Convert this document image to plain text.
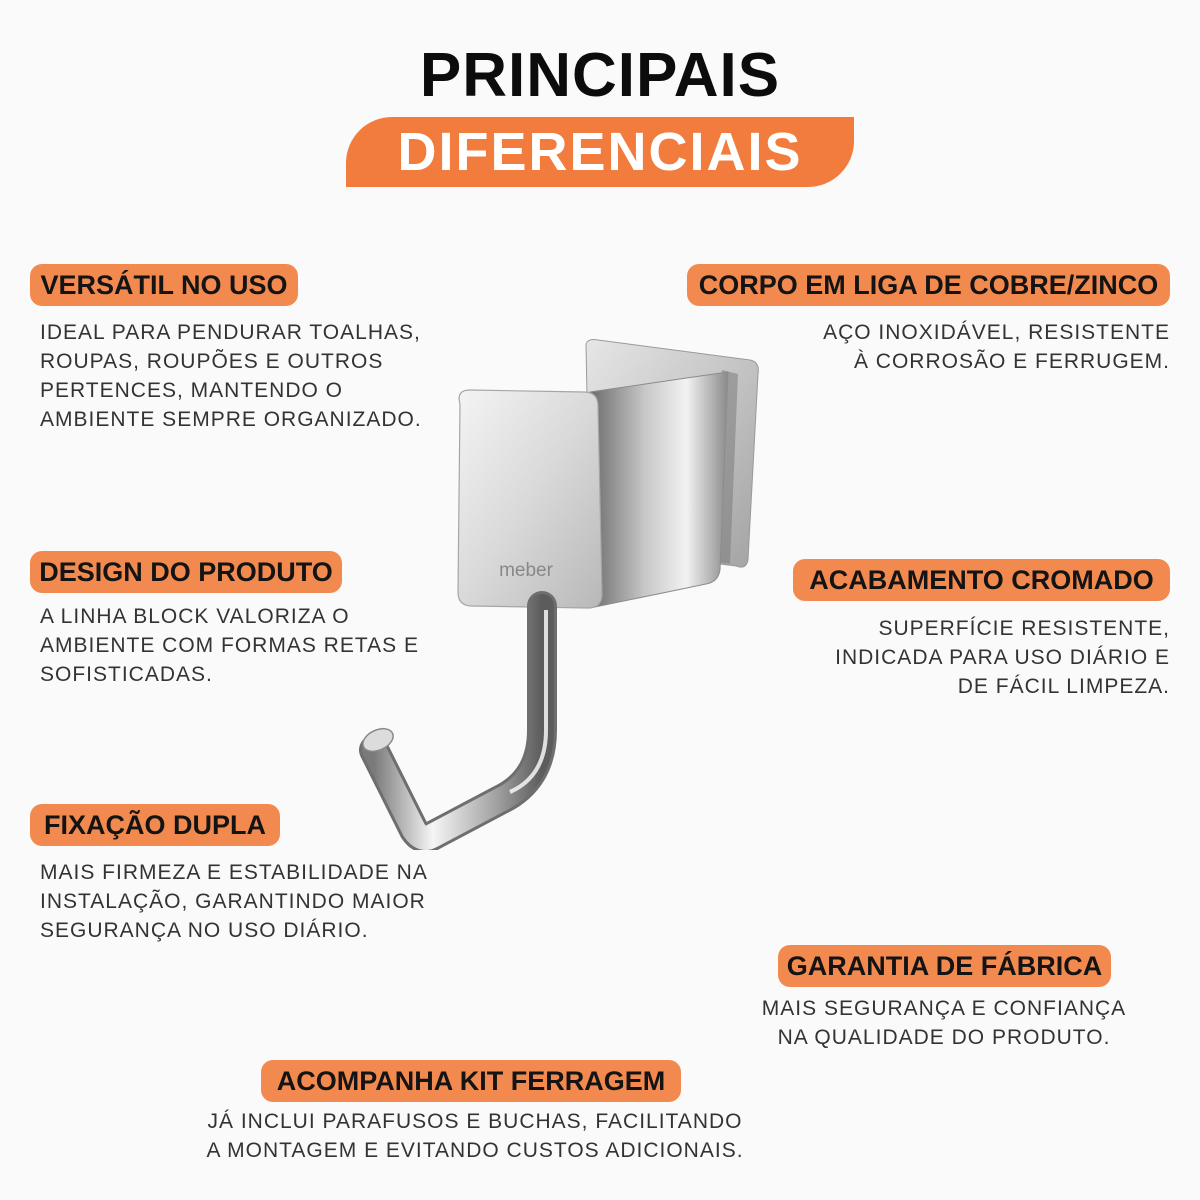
PRINCIPAIS
DIFERENCIAIS
VERSÁTIL NO USO
IDEAL PARA PENDURAR TOALHAS,
ROUPAS, ROUPÕES E OUTROS
PERTENCES, MANTENDO O
AMBIENTE SEMPRE ORGANIZADO.
DESIGN DO PRODUTO
A LINHA BLOCK VALORIZA O
AMBIENTE COM FORMAS RETAS E
SOFISTICADAS.
FIXAÇÃO DUPLA
MAIS FIRMEZA E ESTABILIDADE NA
INSTALAÇÃO, GARANTINDO MAIOR
SEGURANÇA NO USO DIÁRIO.
CORPO EM LIGA DE COBRE/ZINCO
AÇO INOXIDÁVEL, RESISTENTE
À CORROSÃO E FERRUGEM.
ACABAMENTO CROMADO
SUPERFÍCIE RESISTENTE,
INDICADA PARA USO DIÁRIO E
DE FÁCIL LIMPEZA.
GARANTIA DE FÁBRICA
MAIS SEGURANÇA E CONFIANÇA
NA QUALIDADE DO PRODUTO.
ACOMPANHA KIT FERRAGEM
JÁ INCLUI PARAFUSOS E BUCHAS, FACILITANDO
A MONTAGEM E EVITANDO CUSTOS ADICIONAIS.
meber
